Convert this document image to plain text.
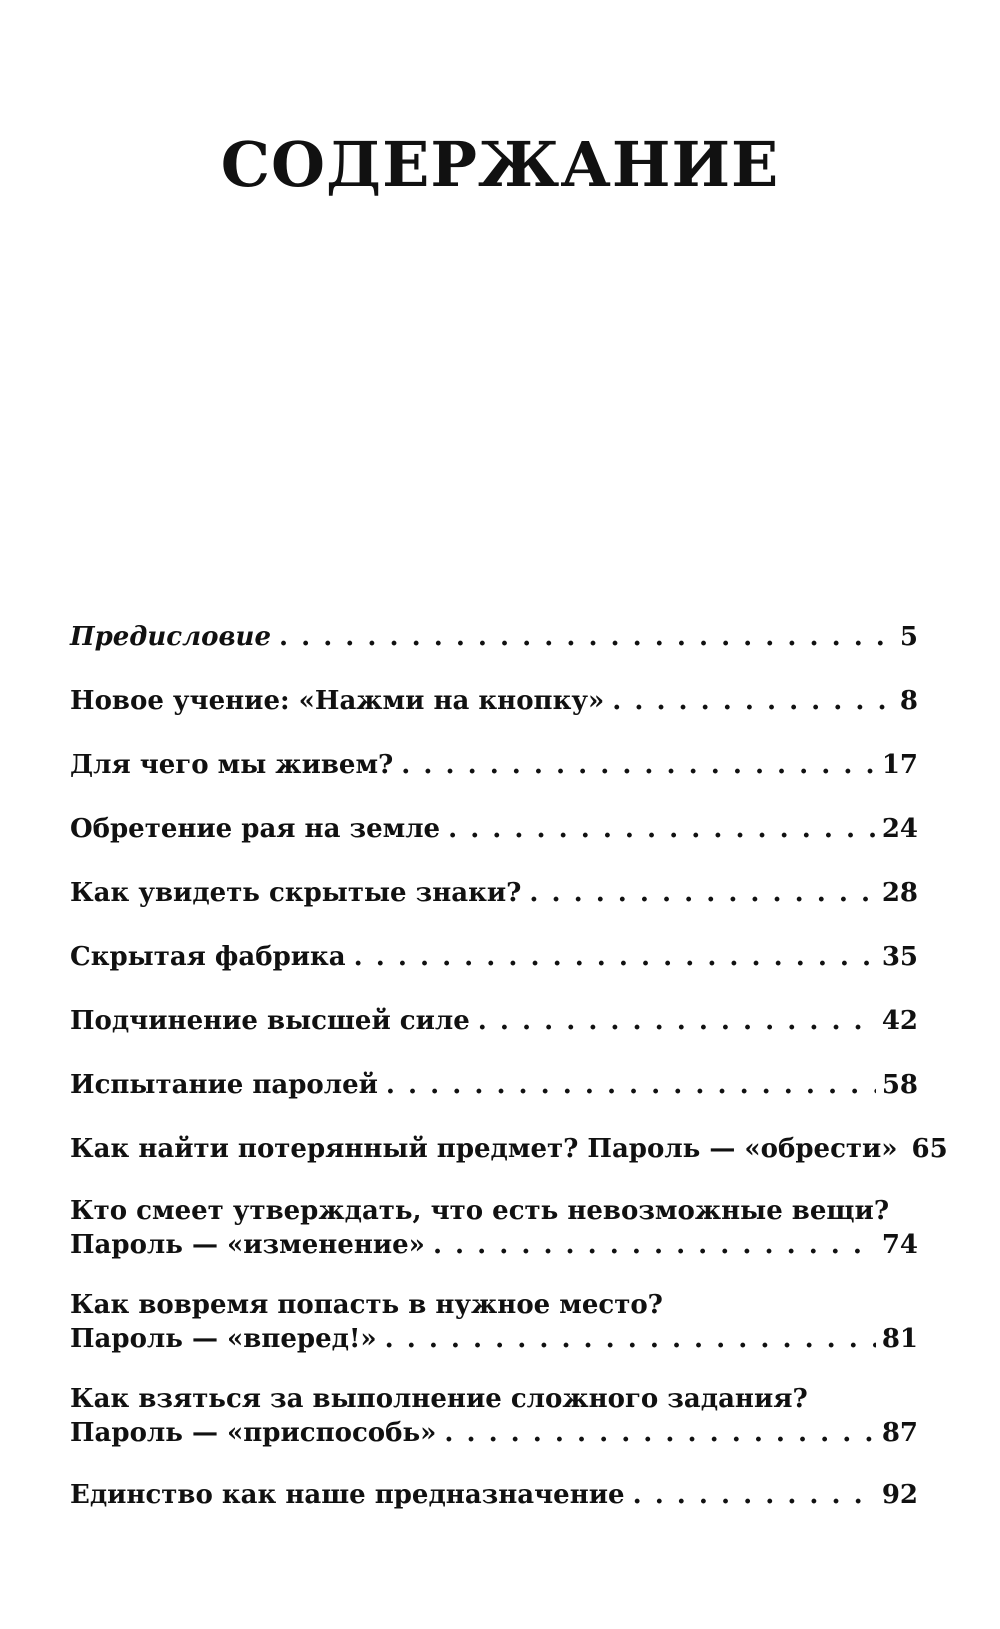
СОДЕРЖАНИЕ
Предисловие . . .	5
Новое учение: «Нажми на кнопку» . . .	8
Для чего мы живем? . . .	17
Обретение рая на земле . . .	24
Как увидеть скрытые знаки? . . .	28
Скрытая фабрика . . .	35
Подчинение высшей силе . . .	42
Испытание паролей . . .	58
Как найти потерянный предмет? Пароль — «обрести» 65
Кто смеет утверждать, что есть невозможные вещи?
Пароль — «изменение» . . .	74
Как вовремя попасть в нужное место?
Пароль — «вперед!» . . .	81
Как взяться за выполнение сложного задания?
Пароль — «приспособь» . . .	87
Единство как наше предназначение . . .	92
